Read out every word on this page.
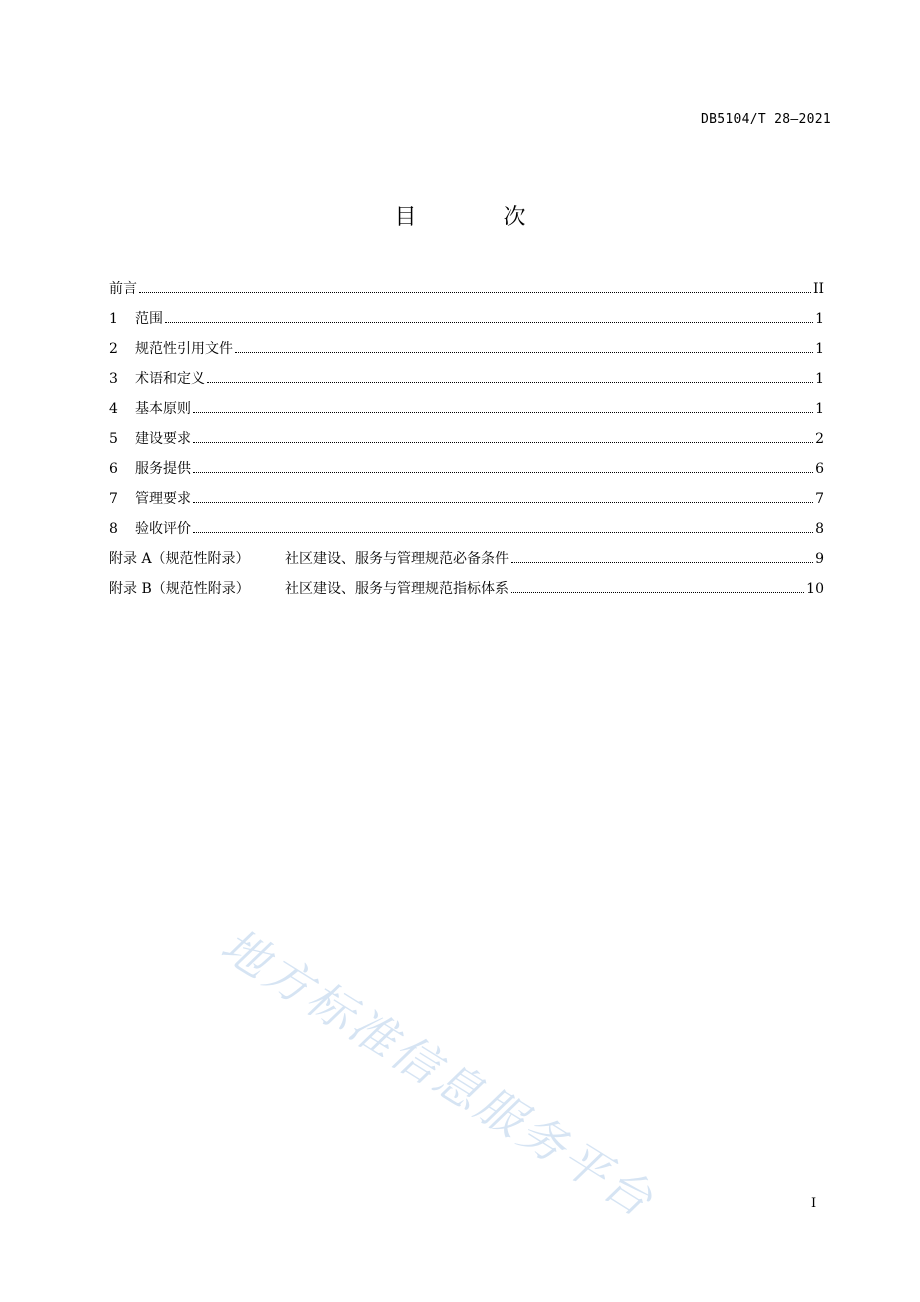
DB5104/T 28—2021
目 次
前言	II
1	范围	1
2	规范性引用文件	1
3	术语和定义	1
4	基本原则	1
5	建设要求	2
6	服务提供	6
7	管理要求	7
8	验收评价	8
附录 A（规范性附录）	社区建设、服务与管理规范必备条件	9
附录 B（规范性附录）	社区建设、服务与管理规范指标体系	10
地方标准信息服务平台	I
